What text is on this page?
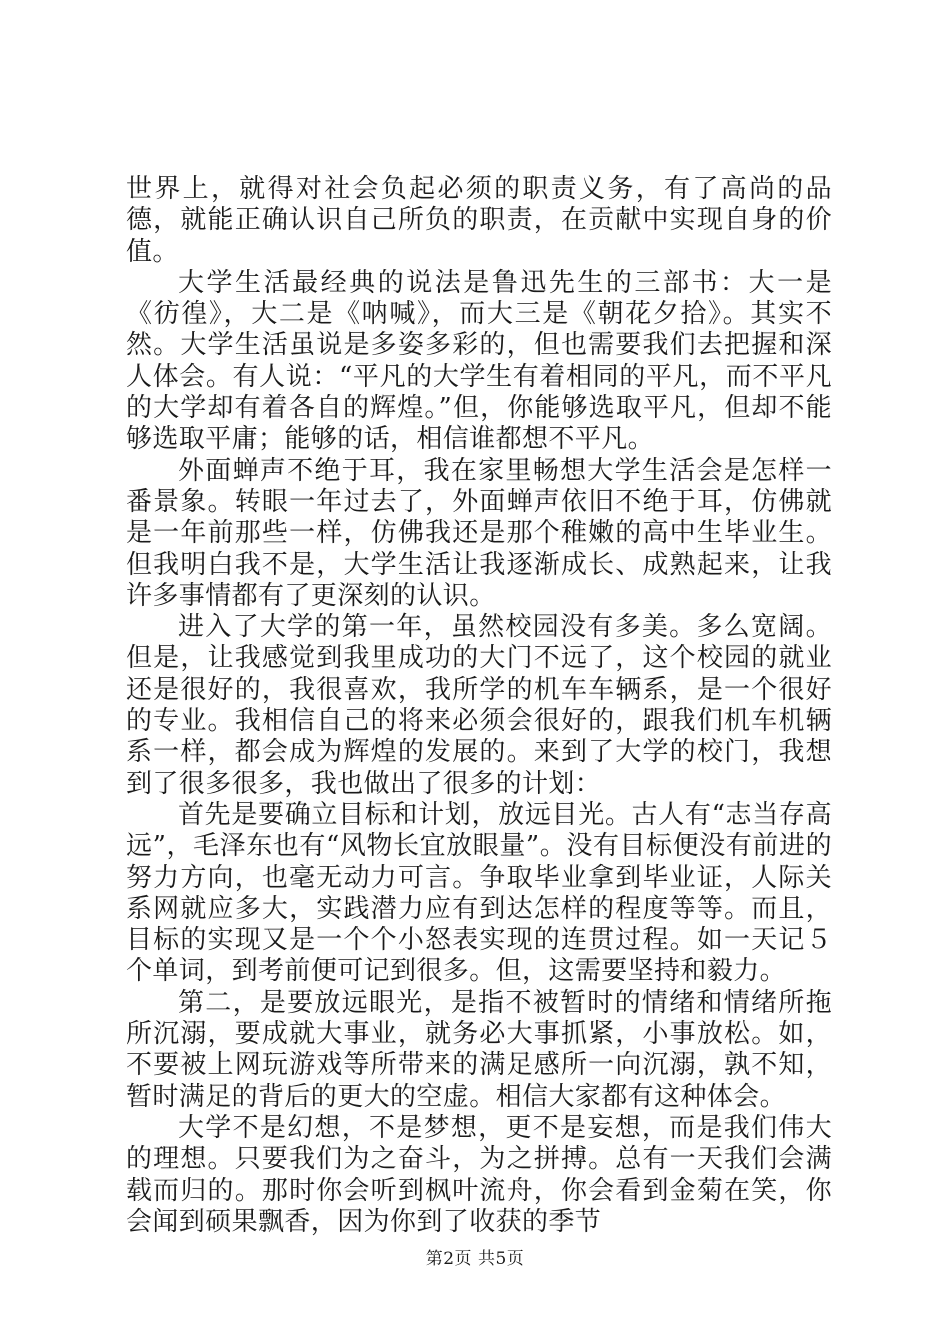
世界上，就得对社会负起必须的职责义务，有了高尚的品德，就能正确认识自己所负的职责，在贡献中实现自身的价值。

大学生活最经典的说法是鲁迅先生的三部书：大一是《彷徨》，大二是《呐喊》，而大三是《朝花夕拾》。其实不然。大学生活虽说是多姿多彩的，但也需要我们去把握和深人体会。有人说：“平凡的大学生有着相同的平凡，而不平凡的大学却有着各自的辉煌。”但，你能够选取平凡，但却不能够选取平庸；能够的话，相信谁都想不平凡。

外面蝉声不绝于耳，我在家里畅想大学生活会是怎样一番景象。转眼一年过去了，外面蝉声依旧不绝于耳，仿佛就是一年前那些一样，仿佛我还是那个稚嫩的高中生毕业生。但我明白我不是，大学生活让我逐渐成长、成熟起来，让我许多事情都有了更深刻的认识。

进入了大学的第一年，虽然校园没有多美。多么宽阔。但是，让我感觉到我里成功的大门不远了，这个校园的就业还是很好的，我很喜欢，我所学的机车车辆系，是一个很好的专业。我相信自己的将来必须会很好的，跟我们机车机辆系一样，都会成为辉煌的发展的。来到了大学的校门，我想到了很多很多，我也做出了很多的计划：

首先是要确立目标和计划，放远目光。古人有“志当存高远”，毛泽东也有“风物长宜放眼量”。没有目标便没有前进的努力方向，也毫无动力可言。争取毕业拿到毕业证，人际关系网就应多大，实践潜力应有到达怎样的程度等等。而且，目标的实现又是一个个小怒表实现的连贯过程。如一天记５个单词，到考前便可记到很多。但，这需要坚持和毅力。

第二，是要放远眼光，是指不被暂时的情绪和情绪所拖所沉溺，要成就大事业，就务必大事抓紧，小事放松。如，不要被上网玩游戏等所带来的满足感所一向沉溺，孰不知，暂时满足的背后的更大的空虚。相信大家都有这种体会。

大学不是幻想，不是梦想，更不是妄想，而是我们伟大的理想。只要我们为之奋斗，为之拼搏。总有一天我们会满载而归的。那时你会听到枫叶流舟，你会看到金菊在笑，你会闻到硕果飘香，因为你到了收获的季节

第2页 共5页
